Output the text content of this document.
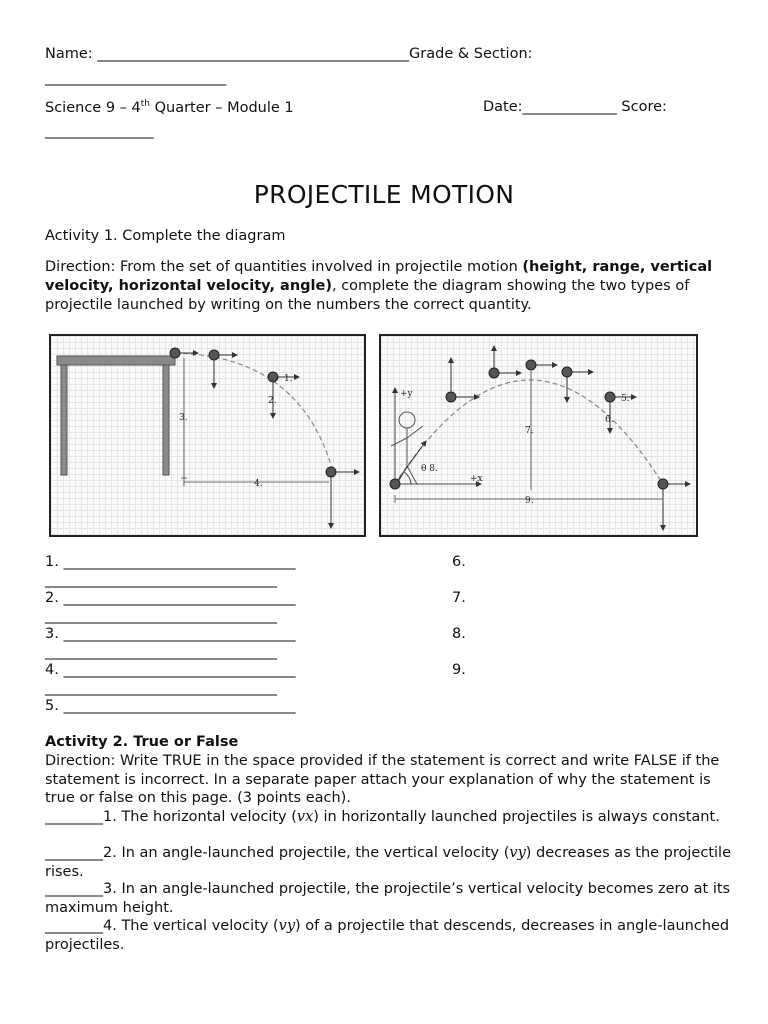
Name: ___________________________________________Grade & Section:
_________________________
Science 9 – 4th Quarter – Module 1	Date:_____________ Score:
_______________
PROJECTILE MOTION
Activity 1. Complete the diagram
Direction: From the set of quantities involved in projectile motion (height, range, vertical velocity, horizontal velocity, angle), complete the diagram showing the two types of projectile launched by writing on the numbers the correct quantity.
1.
2.
3.
4.
+y
θ 8.
+x
7.
6.
5.
9.
1. ________________________________
________________________________
2. ________________________________
________________________________
3. ________________________________
________________________________
4. ________________________________
________________________________
5. ________________________________
6.
7.
8.
9.
Activity 2. True or False
Direction: Write TRUE in the space provided if the statement is correct and write FALSE if the statement is incorrect. In a separate paper attach your explanation of why the statement is true or false on this page. (3 points each).
________1. The horizontal velocity (vx) in horizontally launched projectiles is always constant.
________2. In an angle-launched projectile, the vertical velocity (vy) decreases as the projectile rises.
________3. In an angle-launched projectile, the projectile’s vertical velocity becomes zero at its maximum height.
________4. The vertical velocity (vy) of a projectile that descends, decreases in angle-launched projectiles.
